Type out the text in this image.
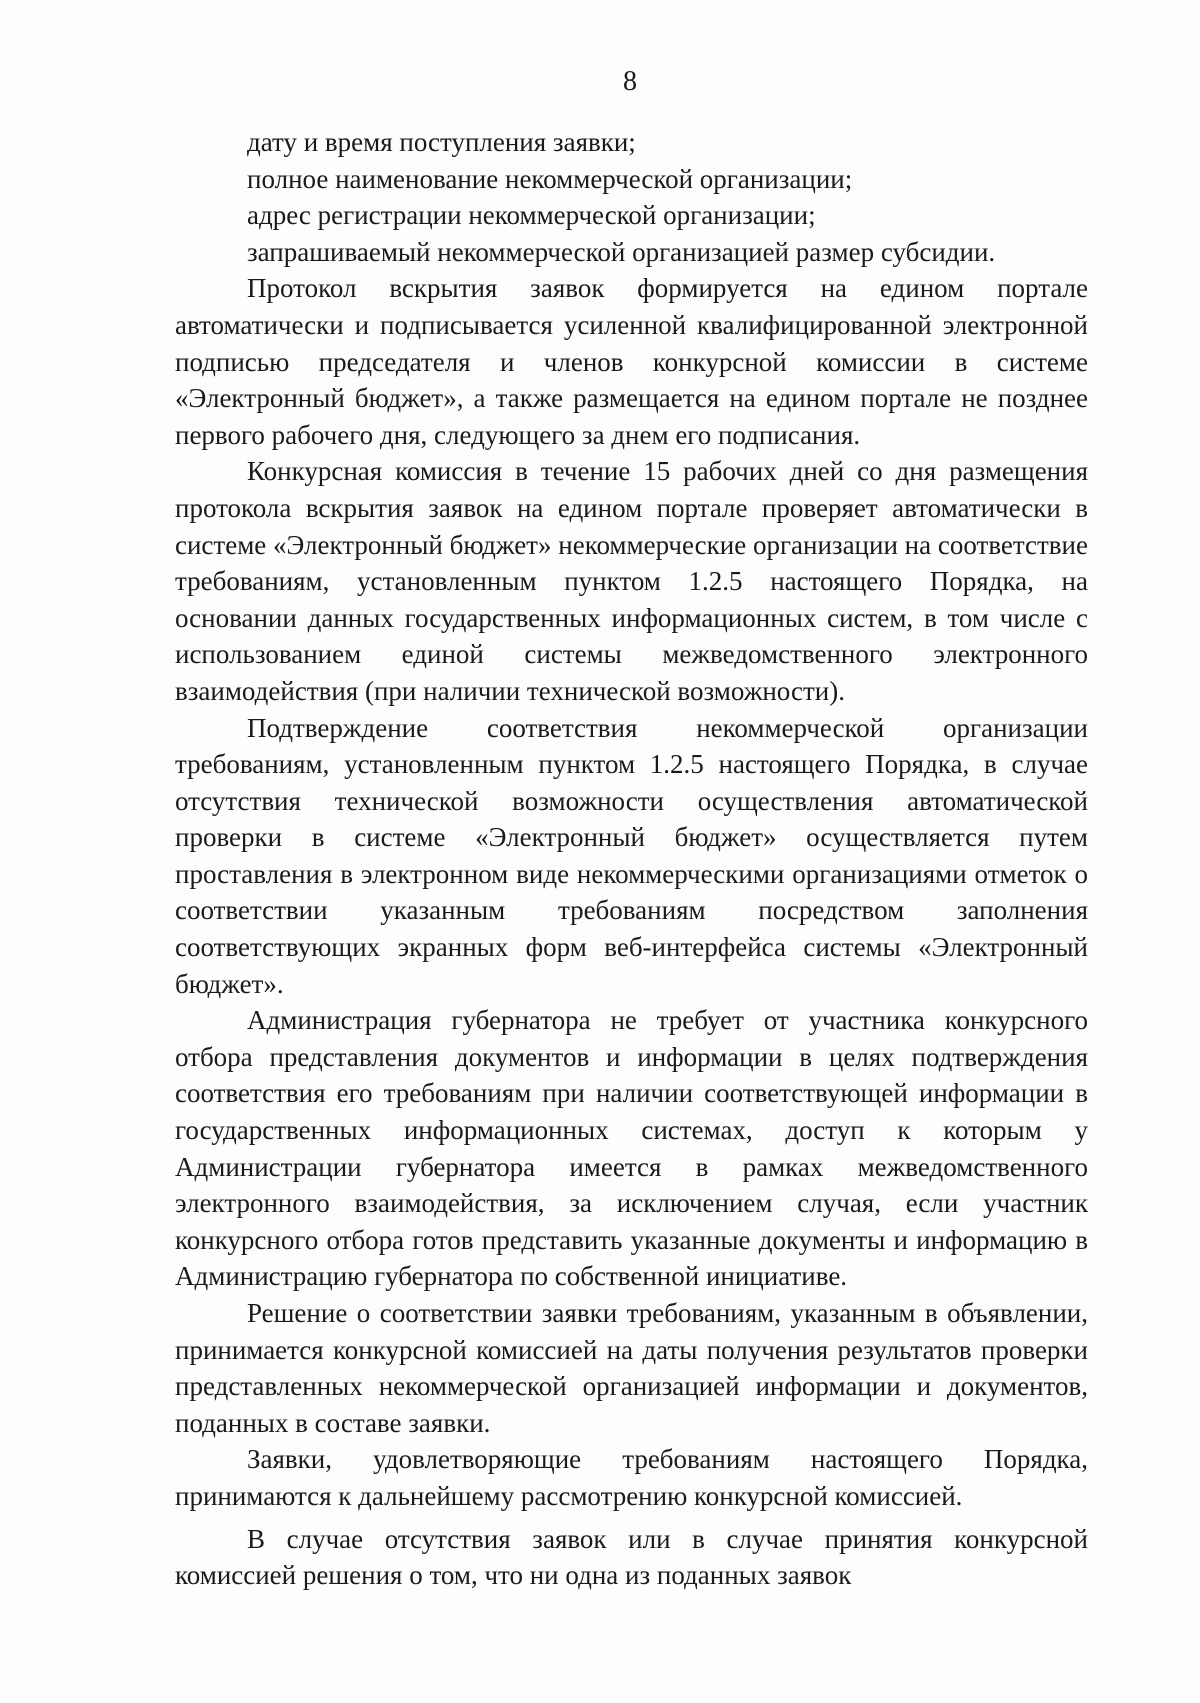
8
дату и время поступления заявки;
полное наименование некоммерческой организации;
адрес регистрации некоммерческой организации;
запрашиваемый некоммерческой организацией размер субсидии.

Протокол вскрытия заявок формируется на едином портале автоматически и подписывается усиленной квалифицированной электронной подписью председателя и членов конкурсной комиссии в системе «Электронный бюджет», а также размещается на едином портале не позднее первого рабочего дня, следующего за днем его подписания.

Конкурсная комиссия в течение 15 рабочих дней со дня размещения протокола вскрытия заявок на едином портале проверяет автоматически в системе «Электронный бюджет» некоммерческие организации на соответствие требованиям, установленным пунктом 1.2.5 настоящего Порядка, на основании данных государственных информационных систем, в том числе с использованием единой системы межведомственного электронного взаимодействия (при наличии технической возможности).

Подтверждение соответствия некоммерческой организации требованиям, установленным пунктом 1.2.5 настоящего Порядка, в случае отсутствия технической возможности осуществления автоматической проверки в системе «Электронный бюджет» осуществляется путем проставления в электронном виде некоммерческими организациями отметок о соответствии указанным требованиям посредством заполнения соответствующих экранных форм веб-интерфейса системы «Электронный бюджет».

Администрация губернатора не требует от участника конкурсного отбора представления документов и информации в целях подтверждения соответствия его требованиям при наличии соответствующей информации в государственных информационных системах, доступ к которым у Администрации губернатора имеется в рамках межведомственного электронного взаимодействия, за исключением случая, если участник конкурсного отбора готов представить указанные документы и информацию в Администрацию губернатора по собственной инициативе.

Решение о соответствии заявки требованиям, указанным в объявлении, принимается конкурсной комиссией на даты получения результатов проверки представленных некоммерческой организацией информации и документов, поданных в составе заявки.

Заявки, удовлетворяющие требованиям настоящего Порядка, принимаются к дальнейшему рассмотрению конкурсной комиссией.

В случае отсутствия заявок или в случае принятия конкурсной комиссией решения о том, что ни одна из поданных заявок
